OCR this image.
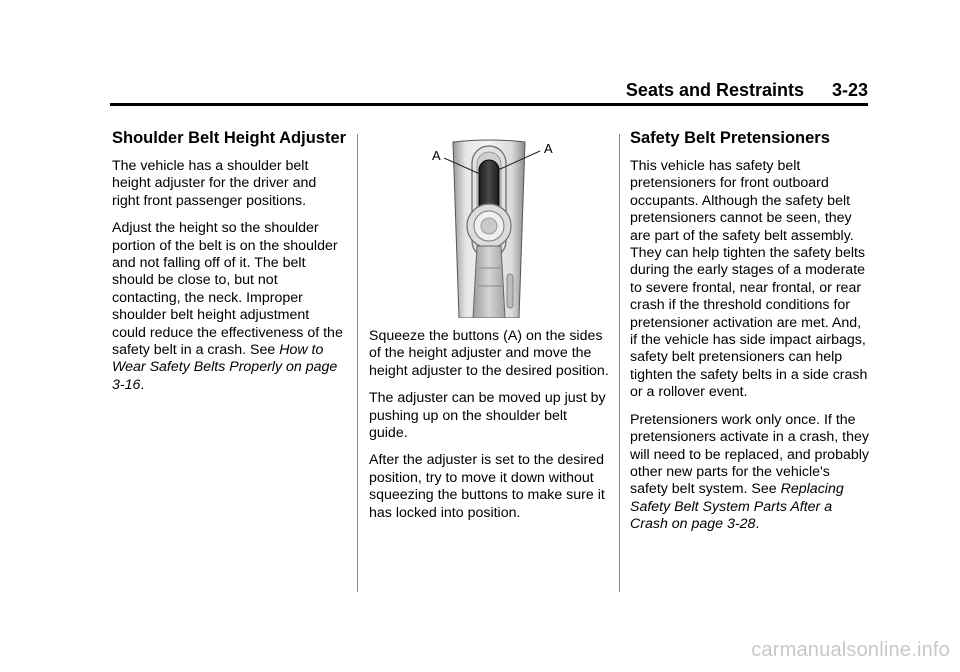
Seats and Restraints 3-23
Shoulder Belt Height Adjuster

The vehicle has a shoulder belt height adjuster for the driver and right front passenger positions.

Adjust the height so the shoulder portion of the belt is on the shoulder and not falling off of it. The belt should be close to, but not contacting, the neck. Improper shoulder belt height adjustment could reduce the effectiveness of the safety belt in a crash. See How to Wear Safety Belts Properly on page 3-16.

A	A

Squeeze the buttons (A) on the sides of the height adjuster and move the height adjuster to the desired position.

The adjuster can be moved up just by pushing up on the shoulder belt guide.

After the adjuster is set to the desired position, try to move it down without squeezing the buttons to make sure it has locked into position.

Safety Belt Pretensioners

This vehicle has safety belt pretensioners for front outboard occupants. Although the safety belt pretensioners cannot be seen, they are part of the safety belt assembly. They can help tighten the safety belts during the early stages of a moderate to severe frontal, near frontal, or rear crash if the threshold conditions for pretensioner activation are met. And, if the vehicle has side impact airbags, safety belt pretensioners can help tighten the safety belts in a side crash or a rollover event.

Pretensioners work only once. If the pretensioners activate in a crash, they will need to be replaced, and probably other new parts for the vehicle's safety belt system. See Replacing Safety Belt System Parts After a Crash on page 3-28.

carmanualsonline.info
